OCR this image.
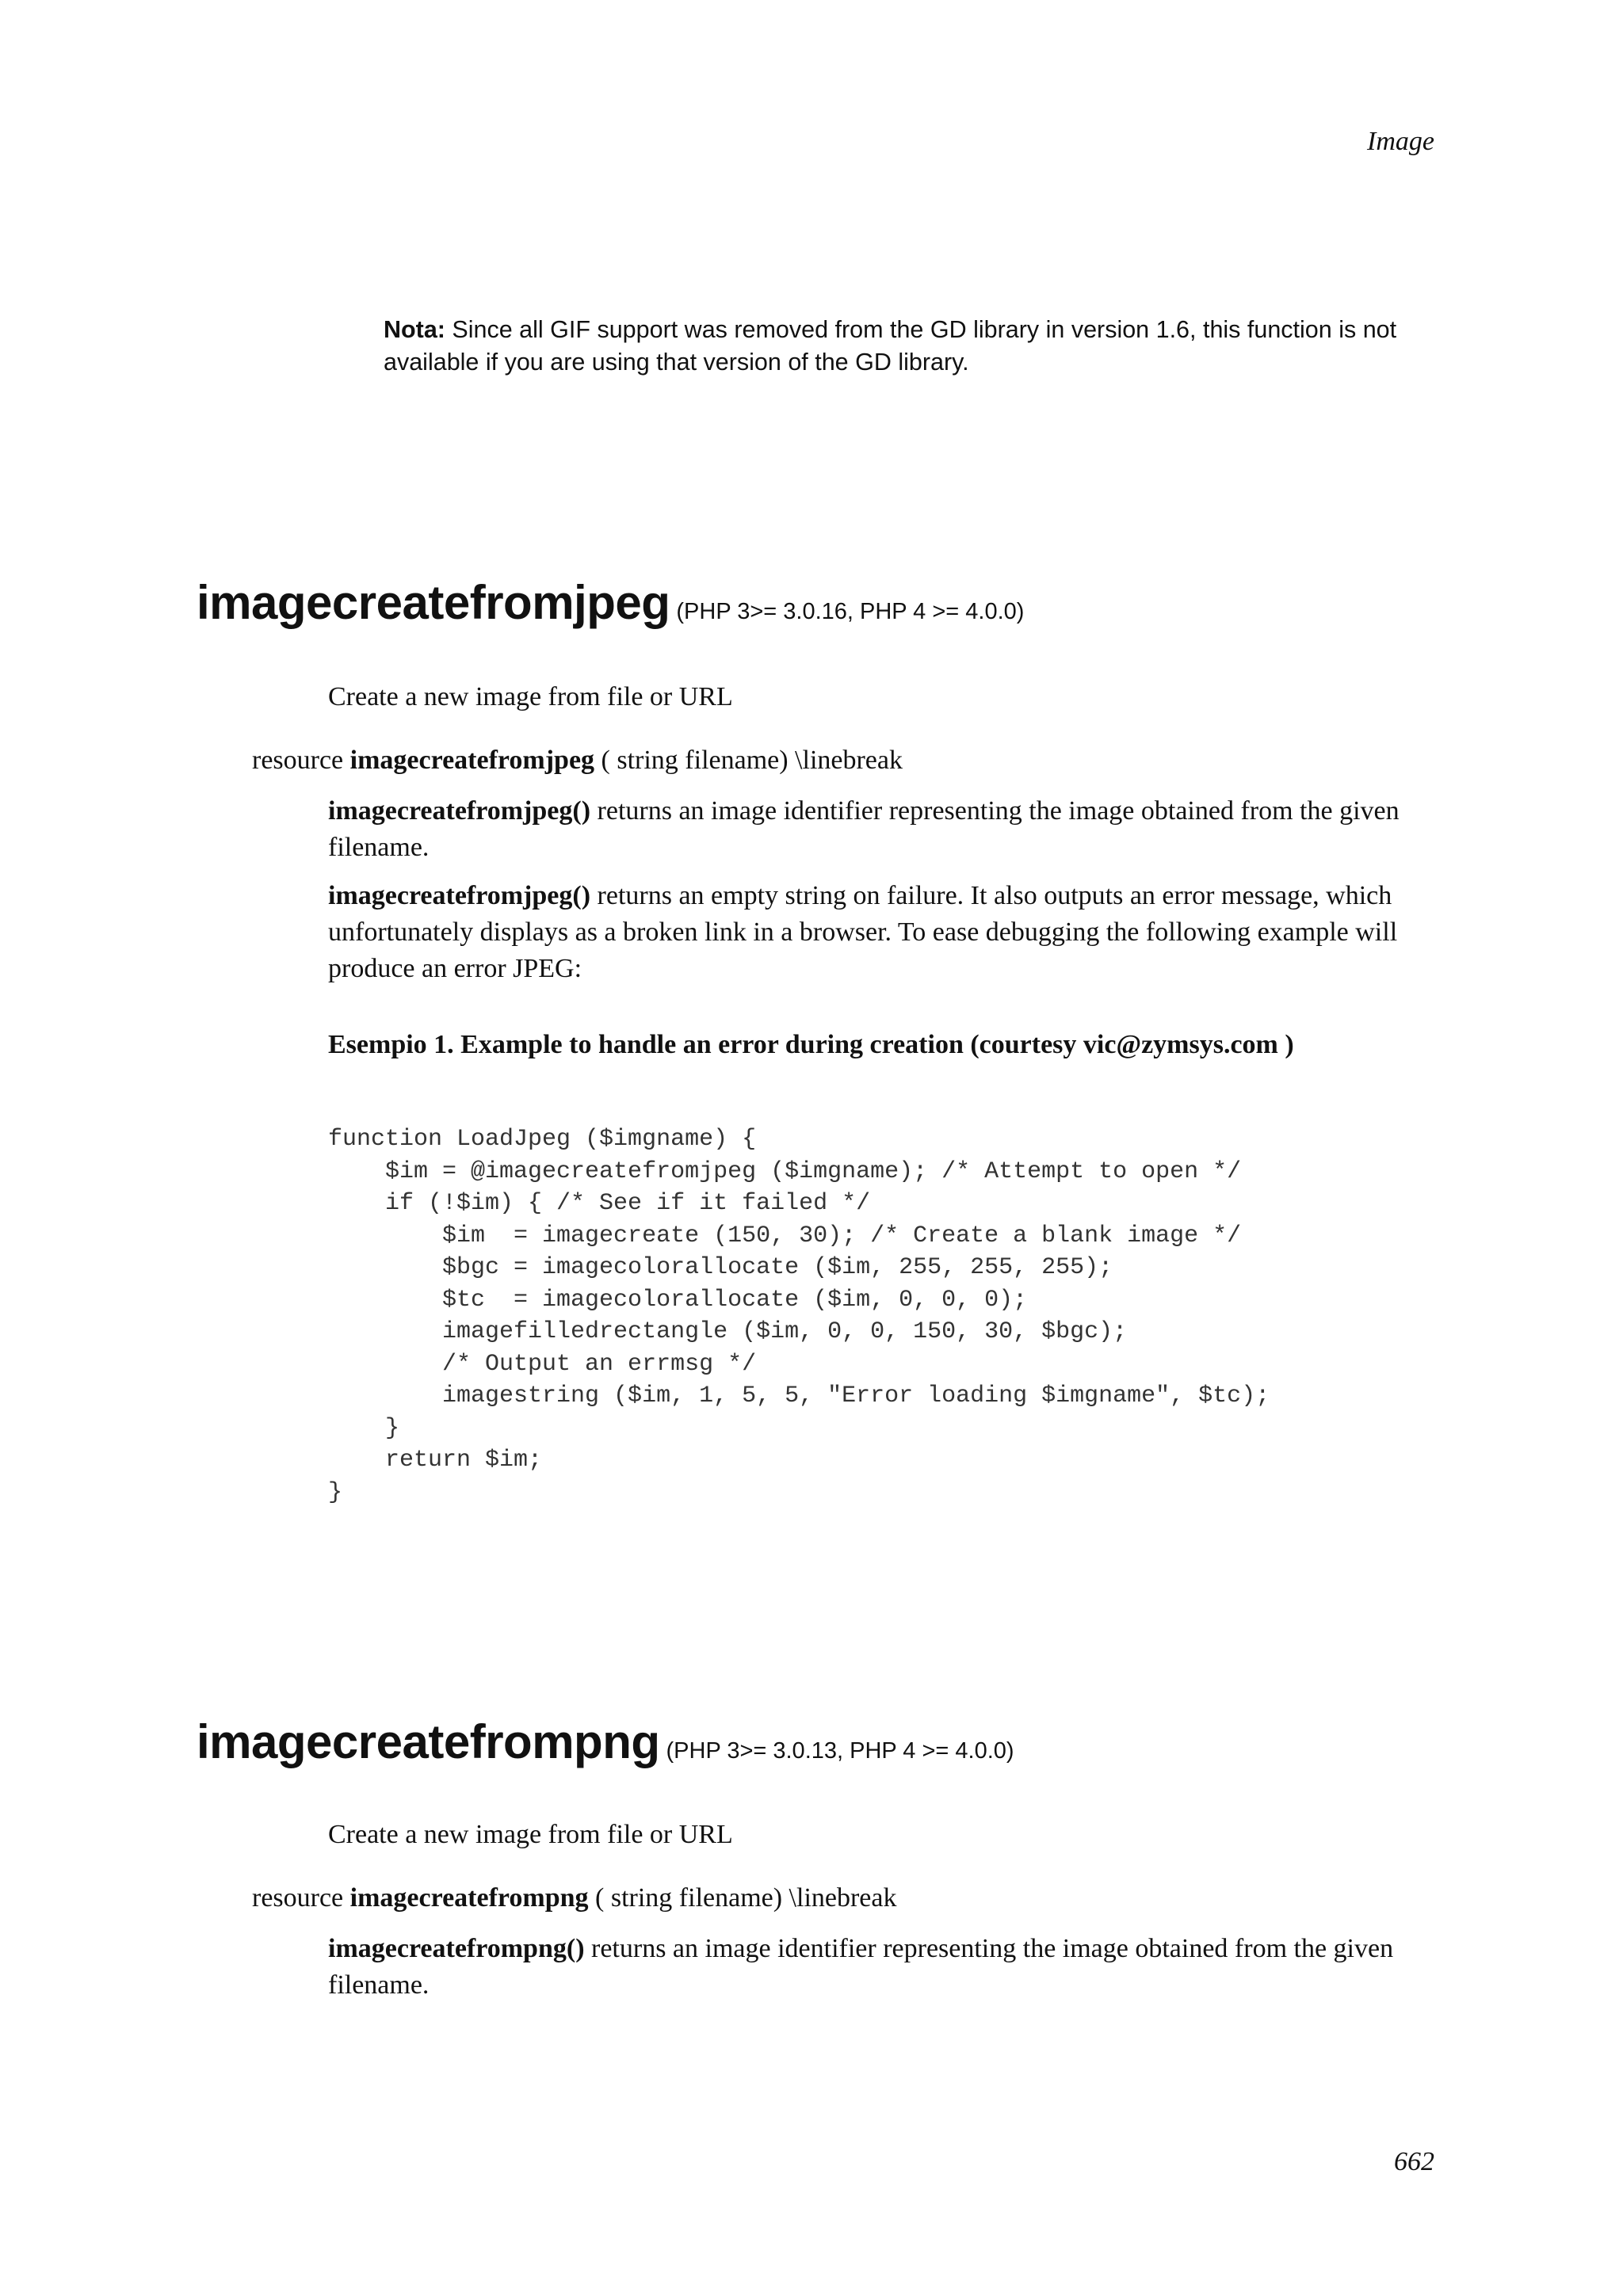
Image
Nota: Since all GIF support was removed from the GD library in version 1.6, this function is not available if you are using that version of the GD library.
imagecreatefromjpeg (PHP 3>= 3.0.16, PHP 4 >= 4.0.0)
Create a new image from file or URL
resource imagecreatefromjpeg ( string filename) \linebreak
imagecreatefromjpeg() returns an image identifier representing the image obtained from the given filename.
imagecreatefromjpeg() returns an empty string on failure. It also outputs an error message, which unfortunately displays as a broken link in a browser. To ease debugging the following example will produce an error JPEG:
Esempio 1. Example to handle an error during creation (courtesy vic@zymsys.com )
function LoadJpeg ($imgname) {
$im = @imagecreatefromjpeg ($imgname); /* Attempt to open */
if (!$im) { /* See if it failed */
$im  = imagecreate (150, 30); /* Create a blank image */
$bgc = imagecolorallocate ($im, 255, 255, 255);
$tc  = imagecolorallocate ($im, 0, 0, 0);
imagefilledrectangle ($im, 0, 0, 150, 30, $bgc);
/* Output an errmsg */
imagestring ($im, 1, 5, 5, "Error loading $imgname", $tc);
}
return $im;
}
imagecreatefrompng (PHP 3>= 3.0.13, PHP 4 >= 4.0.0)
Create a new image from file or URL
resource imagecreatefrompng ( string filename) \linebreak
imagecreatefrompng() returns an image identifier representing the image obtained from the given filename.
662
